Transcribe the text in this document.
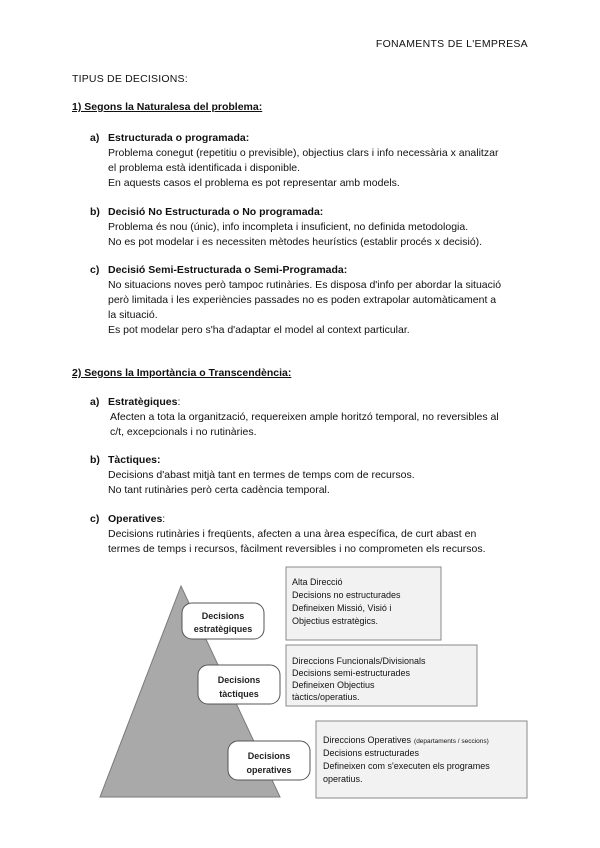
FONAMENTS DE L'EMPRESA
TIPUS DE DECISIONS:
1) Segons la Naturalesa del problema:
a) Estructurada o programada:
Problema conegut (repetitiu o previsible), objectius clars i info necessària x analitzar
el problema està identificada i disponible.
En aquests casos el problema es pot representar amb models.
b) Decisió No Estructurada o No programada:
Problema és nou (únic), info incompleta i insuficient, no definida metodologia.
No es pot modelar i es necessiten mètodes heurístics (establir procés x decisió).
c) Decisió Semi-Estructurada o Semi-Programada:
No situacions noves però tampoc rutinàries. Es disposa d'info per abordar la situació
però limitada i les experiències passades no es poden extrapolar automàticament a
la situació.
Es pot modelar pero s'ha d'adaptar el model al context particular.
2) Segons la Importància o Transcendència:
a) Estratègiques:
Afecten a tota la organització, requereixen ample horitzó temporal, no reversibles al
c/t, excepcionals i no rutinàries.
b) Tàctiques:
Decisions d'abast mitjà tant en termes de temps com de recursos.
No tant rutinàries però certa cadència temporal.
c) Operatives:
Decisions rutinàries i freqüents, afecten a una àrea específica, de curt abast en
termes de temps i recursos, fàcilment reversibles i no comprometen els recursos.
Decisions
estratègiques
Decisions
tàctiques
Decisions
operatives
Alta Direcció
Decisions no estructurades
Defineixen Missió, Visió i
Objectius estratègics.
Direccions Funcionals/Divisionals
Decisions semi-estructurades
Defineixen Objectius
tàctics/operatius.
Direccions Operatives (departaments / seccions)
Decisions estructurades
Defineixen com s'executen els programes
operatius.
